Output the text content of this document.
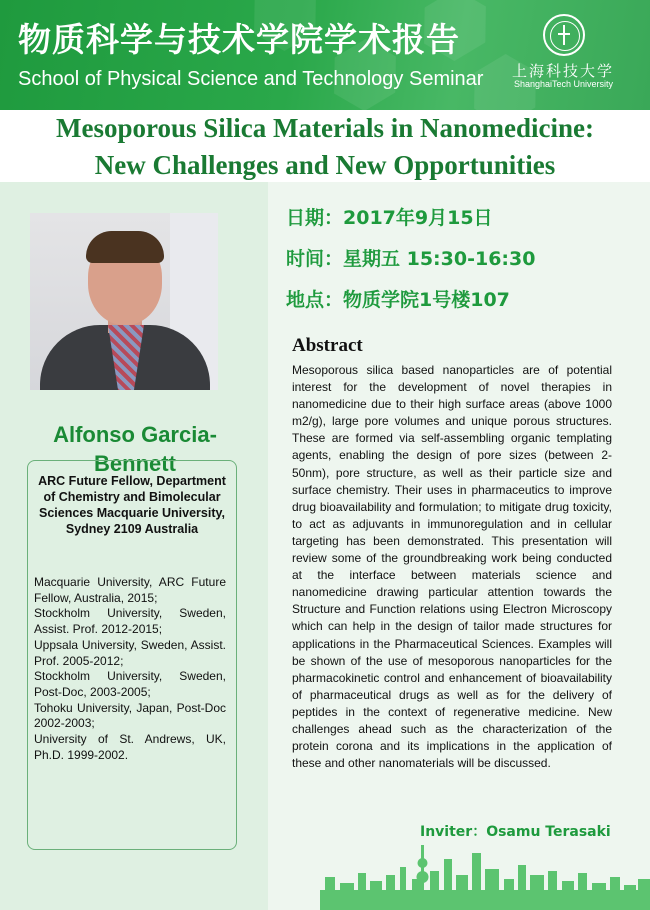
物质科学与技术学院学术报告
School of Physical Science and Technology Seminar 上海科技大学
ShanghaiTech University
Mesoporous Silica Materials in Nanomedicine:
New Challenges and New Opportunities
Alfonso Garcia-Bennett
ARC Future Fellow, Department of Chemistry and Bimolecular Sciences Macquarie University, Sydney 2109 Australia
Macquarie University, ARC Future Fellow, Australia, 2015;
Stockholm University, Sweden, Assist. Prof. 2012-2015;
Uppsala University, Sweden, Assist. Prof. 2005-2012;
Stockholm University, Sweden, Post-Doc, 2003-2005;
Tohoku University, Japan, Post-Doc 2002-2003;
University of St. Andrews, UK, Ph.D. 1999-2002.
日期：2017年9月15日
时间：星期五 15:30-16:30
地点：物质学院1号楼107
Abstract
Mesoporous silica based nanoparticles are of potential interest for the development of novel therapies in nanomedicine due to their high surface areas (above 1000 m2/g), large pore volumes and unique porous structures. These are formed via self-assembling organic templating agents, enabling the design of pore sizes (between 2-50nm), pore structure, as well as their particle size and surface chemistry. Their uses in pharmaceutics to improve drug bioavailability and formulation; to mitigate drug toxicity, to act as adjuvants in immunoregulation and in cellular targeting has been demonstrated. This presentation will review some of the groundbreaking work being conducted at the interface between materials science and nanomedicine drawing particular attention towards the Structure and Function relations using Electron Microscopy which can help in the design of tailor made structures for applications in the Pharmaceutical Sciences. Examples will be shown of the use of mesoporous nanoparticles for the pharmacokinetic control and enhancement of bioavailability of pharmaceutical drugs as well as for the delivery of peptides in the context of regenerative medicine. New challenges ahead such as the characterization of the protein corona and its implications in the application of these and other nanomaterials will be discussed.
Inviter：Osamu Terasaki
